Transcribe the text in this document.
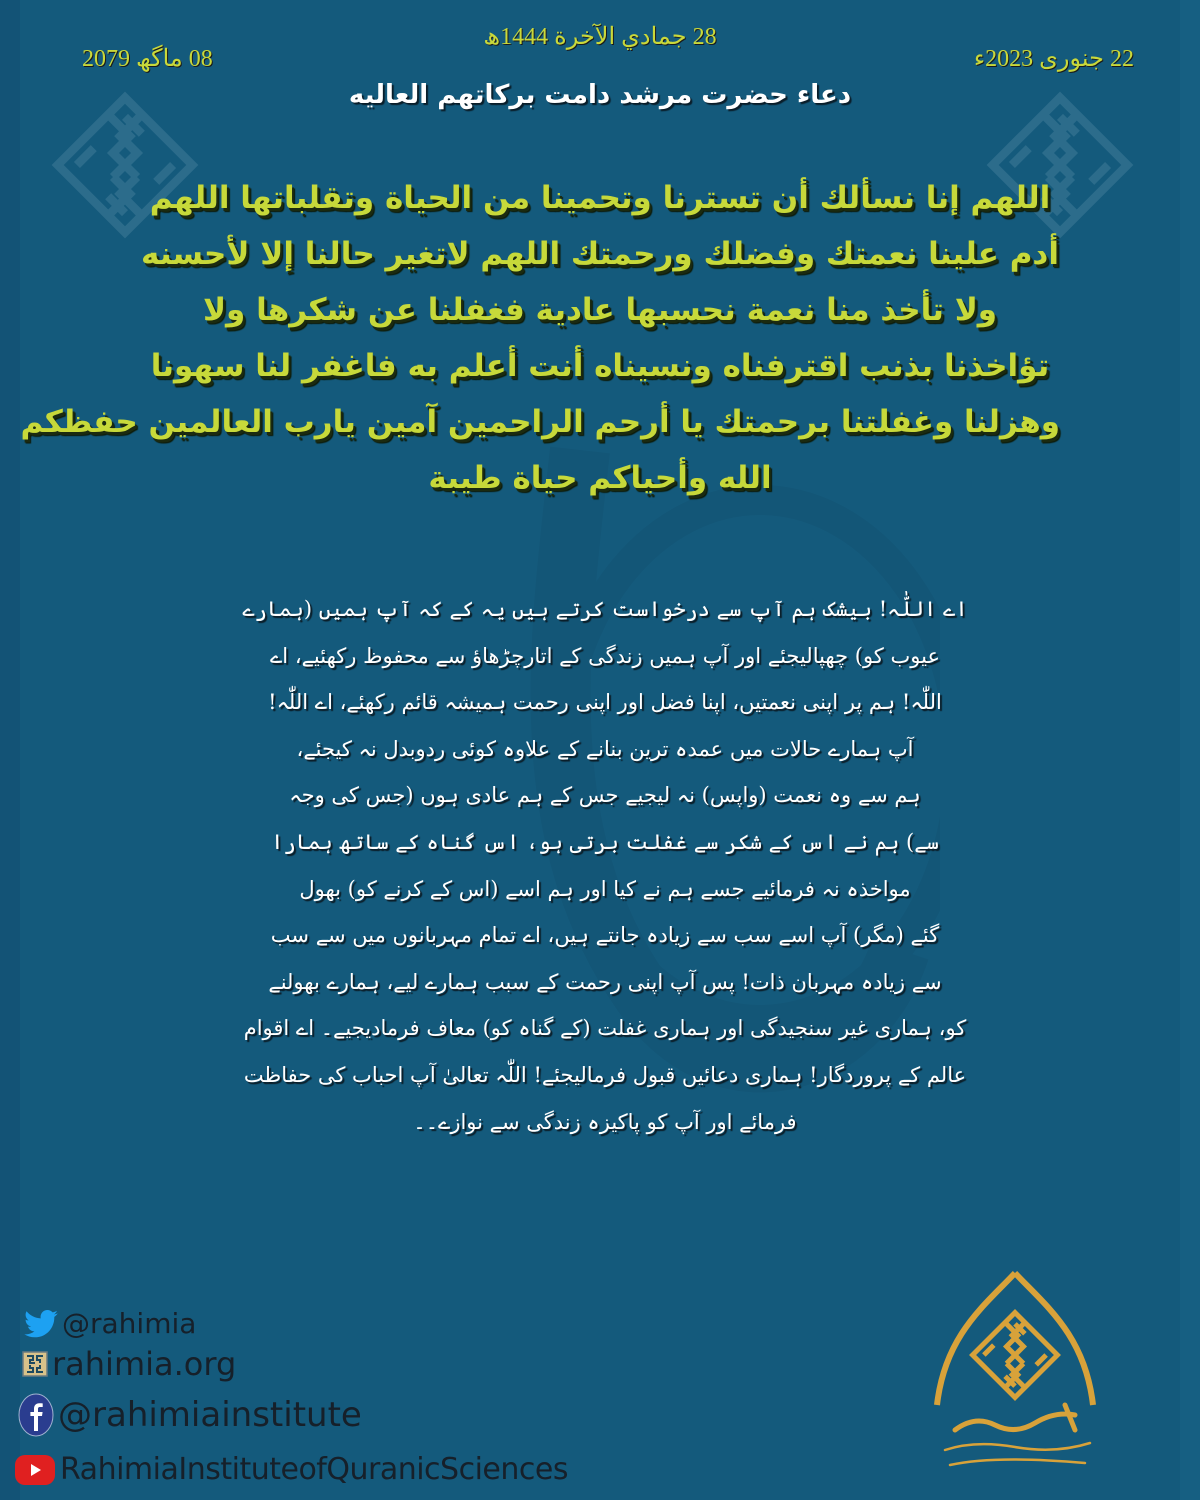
22 جنوری 2023ء
28 جمادي الآخرة 1444ھ
08 ماگھ 2079
دعاء حضرت مرشد دامت بركاتهم العاليه
اللهم إنا نسألك أن تسترنا وتحمينا من الحياة وتقلباتها اللهم
أدم علينا نعمتك وفضلك ورحمتك اللهم لاتغير حالنا إلا لأحسنه
ولا تأخذ منا نعمة نحسبها عادية فغفلنا عن شكرها ولا
تؤاخذنا بذنب اقترفناه ونسيناه أنت أعلم به فاغفر لنا سهونا
وهزلنا وغفلتنا برحمتك يا أرحم الراحمين آمين يارب العالمين حفظكم
الله وأحياكم حياة طيبة
اے اللّٰہ! بیشک ہم آپ سے درخواست کرتے ہیں یہ کے کہ آپ ہمیں (ہمارے
عیوب کو) چھپالیجئے اور آپ ہمیں زندگی کے اتارچڑھاؤ سے محفوظ رکھئیے، اے
اللّٰہ! ہم پر اپنی نعمتیں، اپنا فضل اور اپنی رحمت ہمیشہ قائم رکھئے، اے اللّٰہ!
آپ ہمارے حالات میں عمدہ ترین بنانے کے علاوہ کوئی ردوبدل نہ کیجئے،
ہم سے وہ نعمت (واپس) نہ لیجیے جس کے ہم عادی ہوں (جس کی وجہ
سے) ہم نے اس کے شکر سے غفلت برتی ہو، اس گناہ کے ساتھ ہمارا
مواخذہ نہ فرمائیے جسے ہم نے کیا اور ہم اسے (اس کے کرنے کو) بھول
گئے (مگر) آپ اسے سب سے زیادہ جانتے ہیں، اے تمام مہربانوں میں سے سب
سے زیادہ مہربان ذات! پس آپ اپنی رحمت کے سبب ہمارے لیے، ہمارے بھولنے
کو، ہماری غیر سنجیدگی اور ہماری غفلت (کے گناہ کو) معاف فرمادیجیے۔ اے اقوام
عالم کے پروردگار! ہماری دعائیں قبول فرمالیجئے! اللّٰہ تعالیٰ آپ احباب کی حفاظت
فرمائے اور آپ کو پاکیزہ زندگی سے نوازے۔۔
@rahimia
rahimia.org
@rahimiainstitute
RahimiaInstituteofQuranicSciences
